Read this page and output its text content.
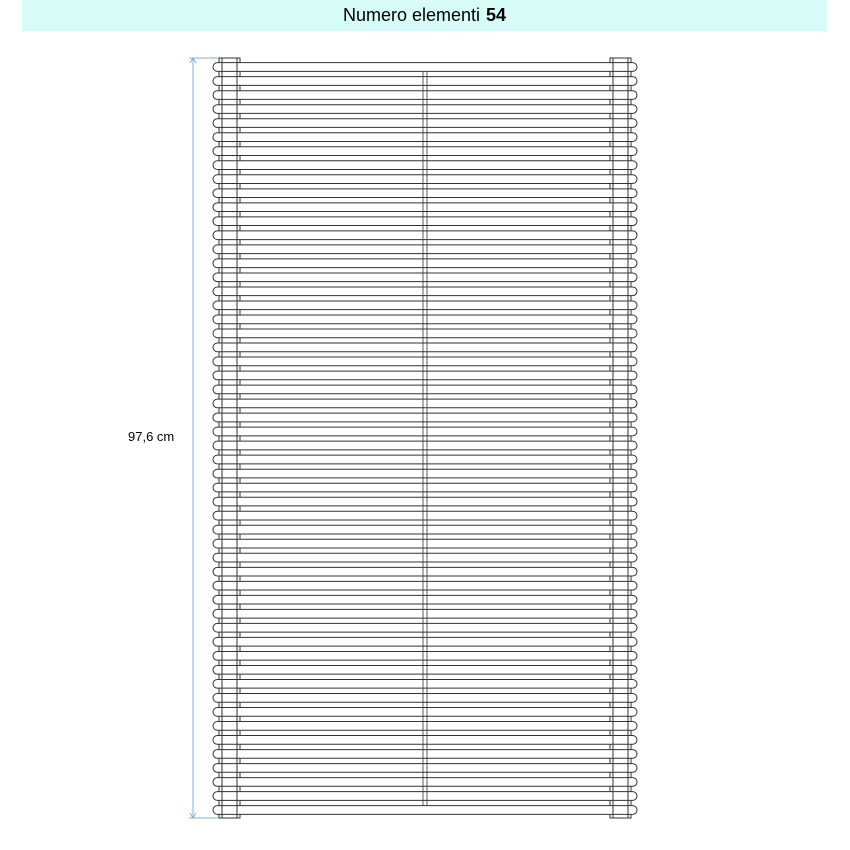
Numero elementi 54
97,6 cm
